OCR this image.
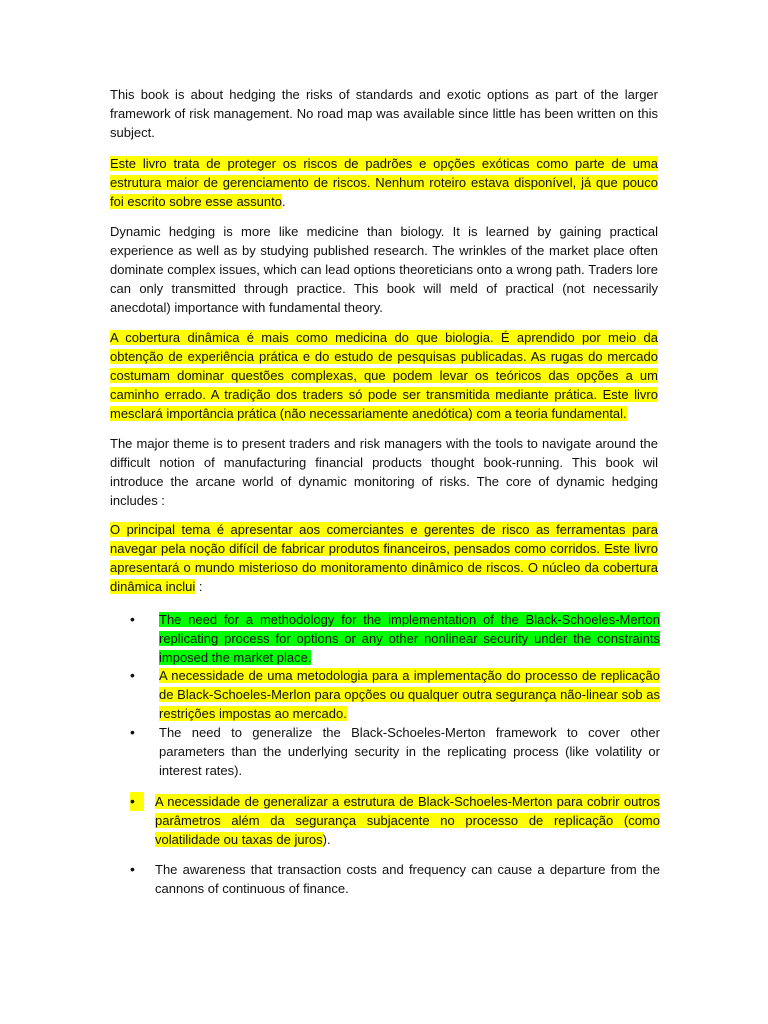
This book is about hedging the risks of standards and exotic options as part of the larger framework of risk management. No road map was available since little has been written on this subject.

Este livro trata de proteger os riscos de padrões e opções exóticas como parte de uma estrutura maior de gerenciamento de riscos. Nenhum roteiro estava disponível, já que pouco foi escrito sobre esse assunto.

Dynamic hedging is more like medicine than biology. It is learned by gaining practical experience as well as by studying published research. The wrinkles of the market place often dominate complex issues, which can lead options theoreticians onto a wrong path. Traders lore can only transmitted through practice. This book will meld of practical (not necessarily anecdotal) importance with fundamental theory.

A cobertura dinâmica é mais como medicina do que biologia. É aprendido por meio da obtenção de experiência prática e do estudo de pesquisas publicadas. As rugas do mercado costumam dominar questões complexas, que podem levar os teóricos das opções a um caminho errado. A tradição dos traders só pode ser transmitida mediante prática. Este livro mesclará importância prática (não necessariamente anedótica) com a teoria fundamental.

The major theme is to present traders and risk managers with the tools to navigate around the difficult notion of manufacturing financial products thought book-running. This book wil introduce the arcane world of dynamic monitoring of risks. The core of dynamic hedging includes :

O principal tema é apresentar aos comerciantes e gerentes de risco as ferramentas para navegar pela noção difícil de fabricar produtos financeiros, pensados como corridos. Este livro apresentará o mundo misterioso do monitoramento dinâmico de riscos. O núcleo da cobertura dinâmica inclui :

•	The need for a methodology for the implementation of the Black-Schoeles-Merton replicating process for options or any other nonlinear security under the constraints imposed the market place.

•	A necessidade de uma metodologia para a implementação do processo de replicação de Black-Schoeles-Merlon para opções ou qualquer outra segurança não-linear sob as restrições impostas ao mercado.

•	The need to generalize the Black-Schoeles-Merton framework to cover other parameters than the underlying security in the replicating process (like volatility or interest rates).

•	A necessidade de generalizar a estrutura de Black-Schoeles-Merton para cobrir outros parâmetros além da segurança subjacente no processo de replicação (como volatilidade ou taxas de juros).

•	The awareness that transaction costs and frequency can cause a departure from the cannons of continuous of finance.
